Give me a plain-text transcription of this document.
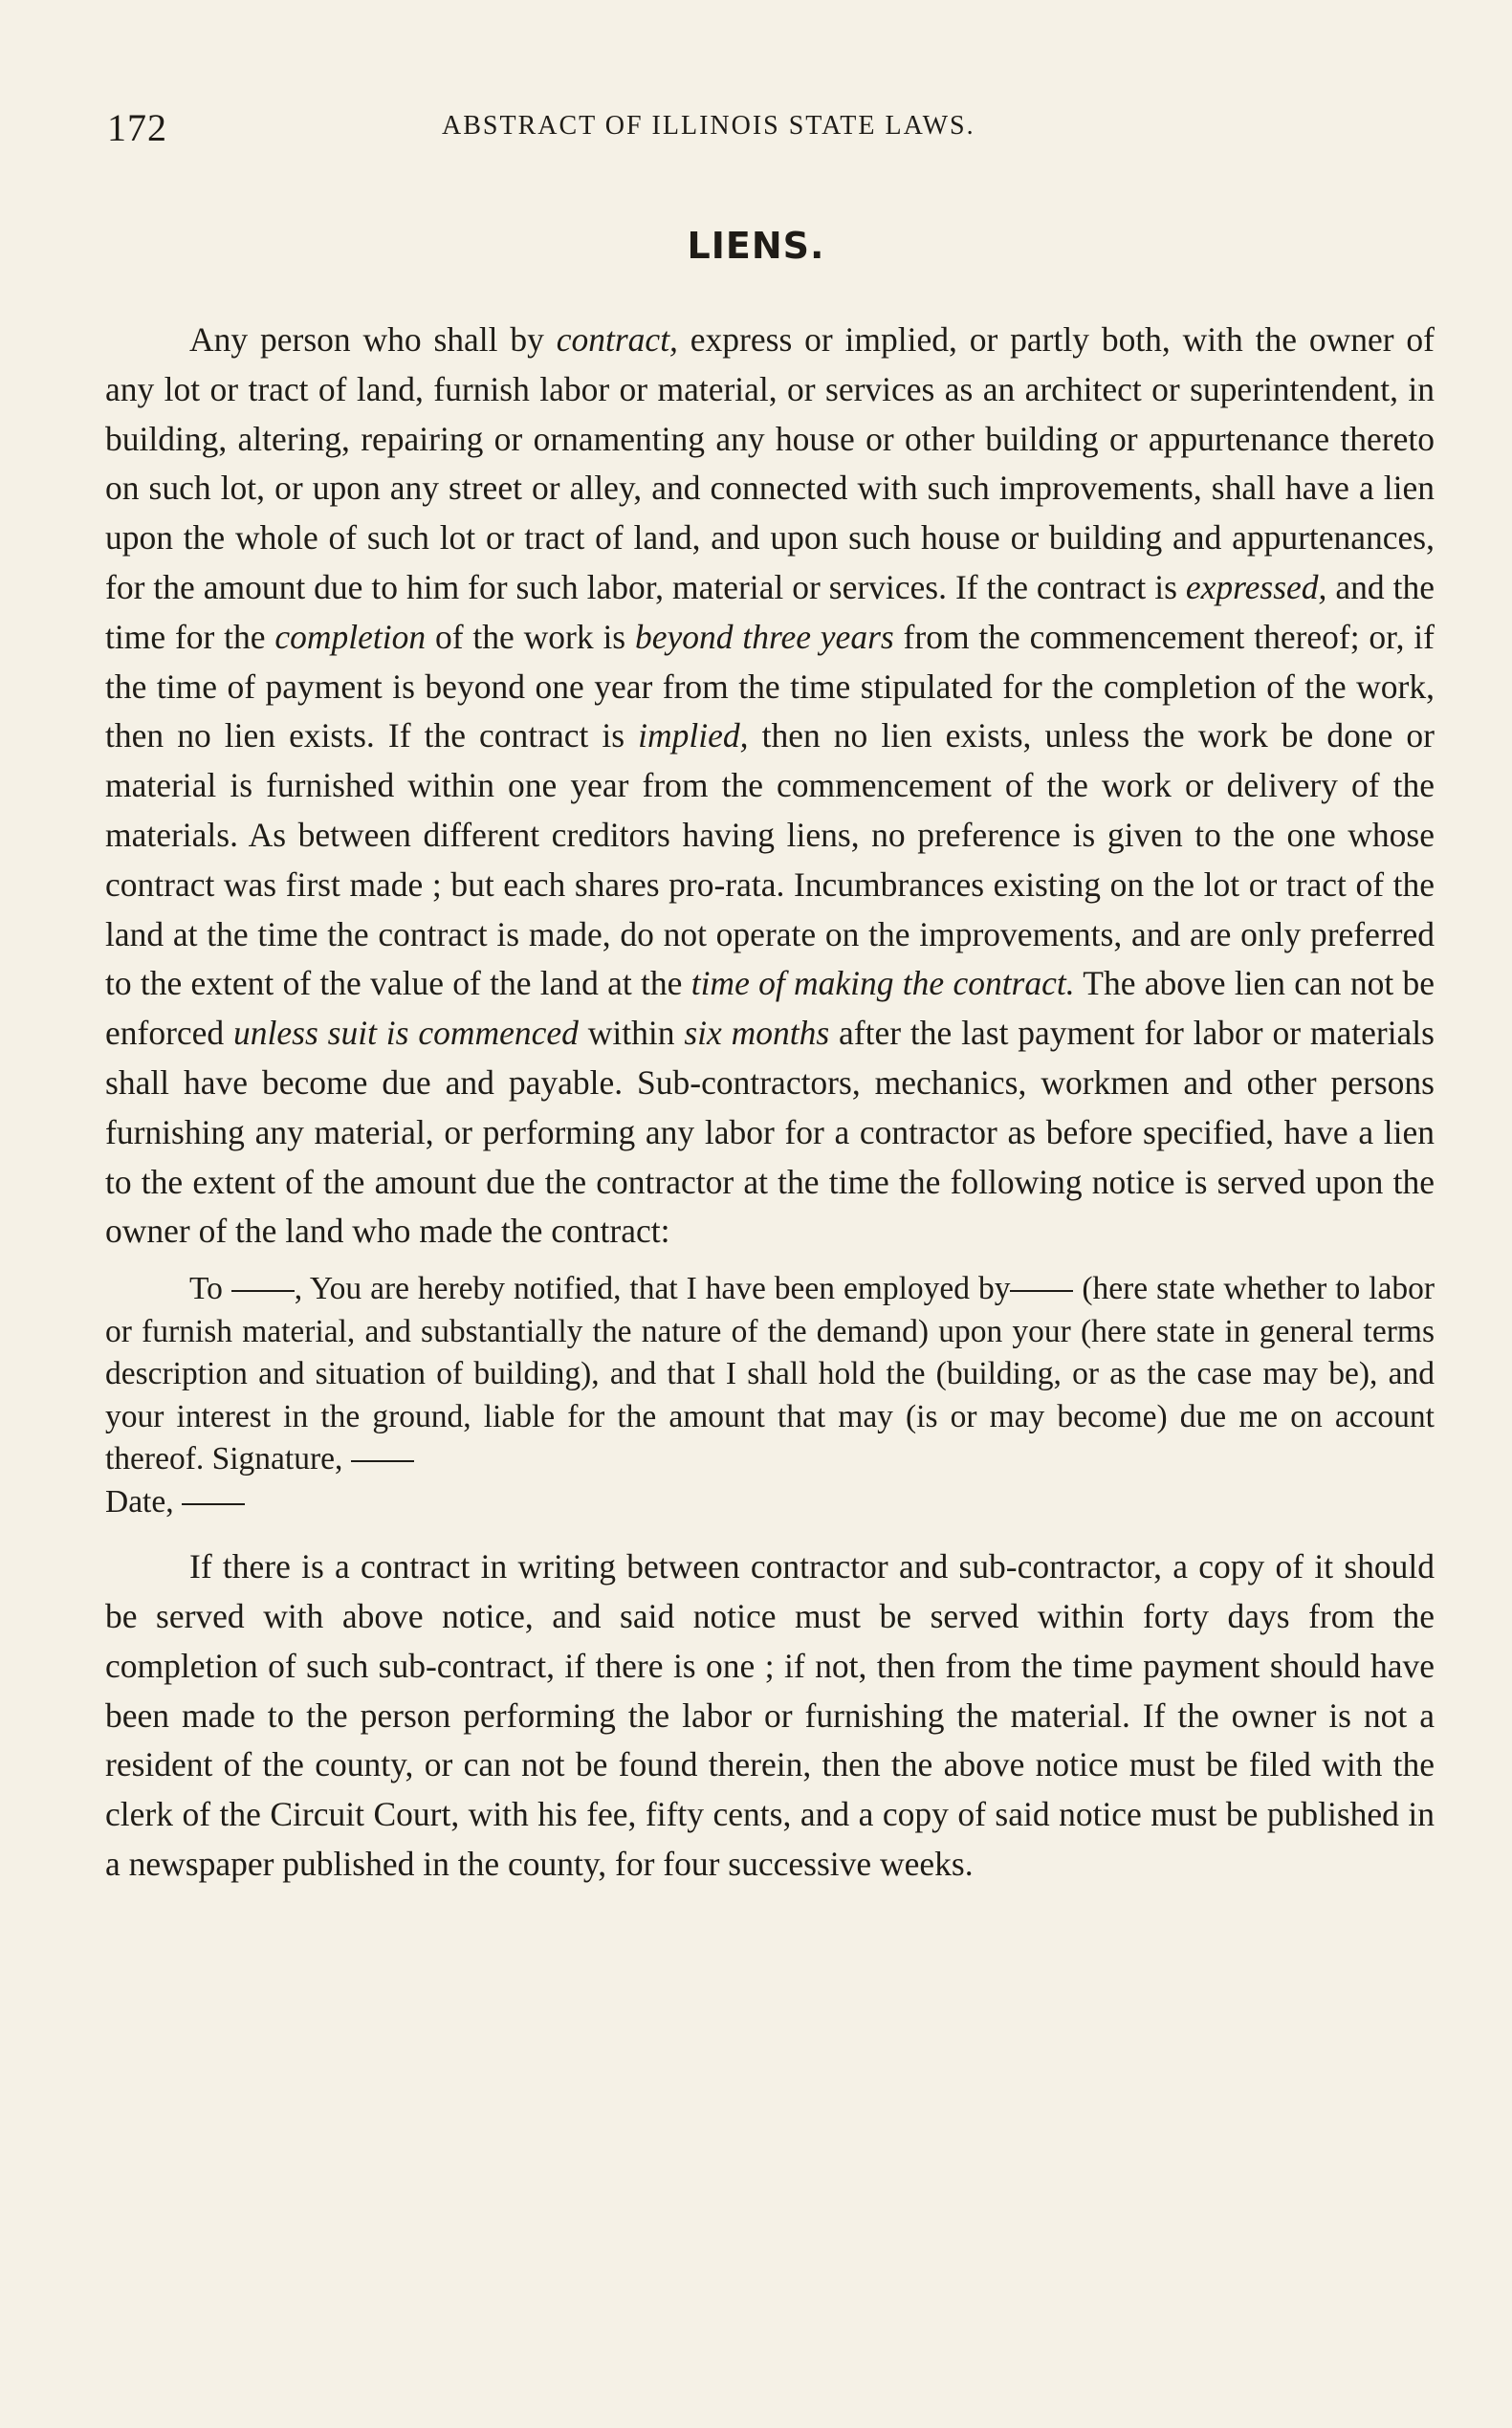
172	ABSTRACT OF ILLINOIS STATE LAWS.
LIENS.

Any person who shall by contract, express or implied, or partly both, with the owner of any lot or tract of land, furnish labor or material, or services as an architect or superintendent, in building, altering, repairing or ornamenting any house or other building or appurtenance thereto on such lot, or upon any street or alley, and connected with such improvements, shall have a lien upon the whole of such lot or tract of land, and upon such house or building and appurtenances, for the amount due to him for such labor, material or services. If the contract is expressed, and the time for the completion of the work is beyond three years from the commencement thereof; or, if the time of payment is beyond one year from the time stipulated for the completion of the work, then no lien exists. If the contract is implied, then no lien exists, unless the work be done or material is furnished within one year from the commencement of the work or delivery of the materials. As between different creditors having liens, no preference is given to the one whose contract was first made ; but each shares pro-rata. Incumbrances existing on the lot or tract of the land at the time the contract is made, do not operate on the improvements, and are only preferred to the extent of the value of the land at the time of making the contract. The above lien can not be enforced unless suit is commenced within six months after the last payment for labor or materials shall have become due and payable. Sub-contractors, mechanics, workmen and other persons furnishing any material, or performing any labor for a contractor as before specified, have a lien to the extent of the amount due the contractor at the time the following notice is served upon the owner of the land who made the contract:

To , You are hereby notified, that I have been employed by (here state whether to labor or furnish material, and substantially the nature of the demand) upon your (here state in general terms description and situation of building), and that I shall hold the (building, or as the case may be), and your interest in the ground, liable for the amount that may (is or may become) due me on account thereof. Signature,
Date,

If there is a contract in writing between contractor and sub-contractor, a copy of it should be served with above notice, and said notice must be served within forty days from the completion of such sub-contract, if there is one ; if not, then from the time payment should have been made to the person performing the labor or furnishing the material. If the owner is not a resident of the county, or can not be found therein, then the above notice must be filed with the clerk of the Circuit Court, with his fee, fifty cents, and a copy of said notice must be published in a newspaper published in the county, for four successive weeks.
